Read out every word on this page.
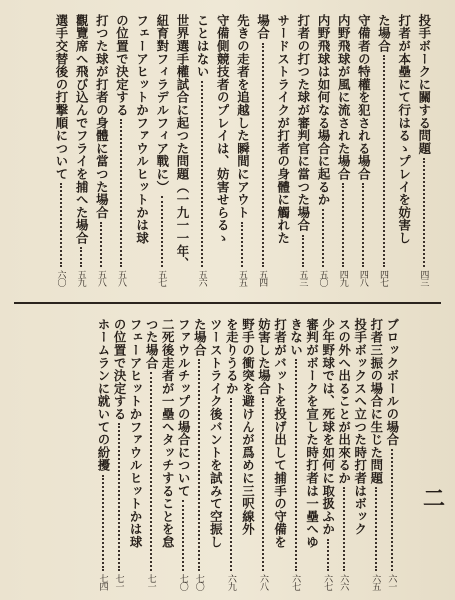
投手ボークに關する問題
四三
打者が本壘にて行はるゝプレイを妨害し
た場合
四七
守備者の特權を犯される場合
四八
内野飛球が風に流された場合
四九
内野飛球は如何なる場合に起るか
五〇
打者の打つた球が審判官に當つた場合
五三
サードストライクが打者の身體に觸れた
場合
五四
先きの走者を追越した瞬間にアウト
五五
守備側競技者のプレイは、妨害せらるゝ
ことはない
五六
世界選手權試合に起つた問題（一九一一年、
紐育對フィラデルフィア戰に）
五七
フェーアヒットかファウルヒットかは球
の位置で決定する
五八
打つた球が打者の身體に當つた場合
五八
觀覽席へ飛び込んでフライを捕へた場合
五九
選手交替後の打撃順について
六〇
ブロックボールの場合
六一
打者三振の場合に生じた問題
六五
投手ボックスへ立つた時打者はボック
スの外へ出ることが出來るか
六六
少年野球では、死球を如何に取扱ふか
六七
審判がボークを宣した時打者は一壘へゆ
きない
六七
打者がバットを投げ出して捕手の守備を
妨害した場合
六八
野手の衝突を避けんが爲めに三呎線外
を走りうるか
六九
ツーストライク後バントを試みて空振し
た場合
七〇
ファウルチップの場合について
七〇
二死後走者が一壘へタッチすることを怠
つた場合
七一
フェーアヒットかファウルヒットかは球
の位置で決定する
七一
ホームランに就いての紛擾
七四
二
